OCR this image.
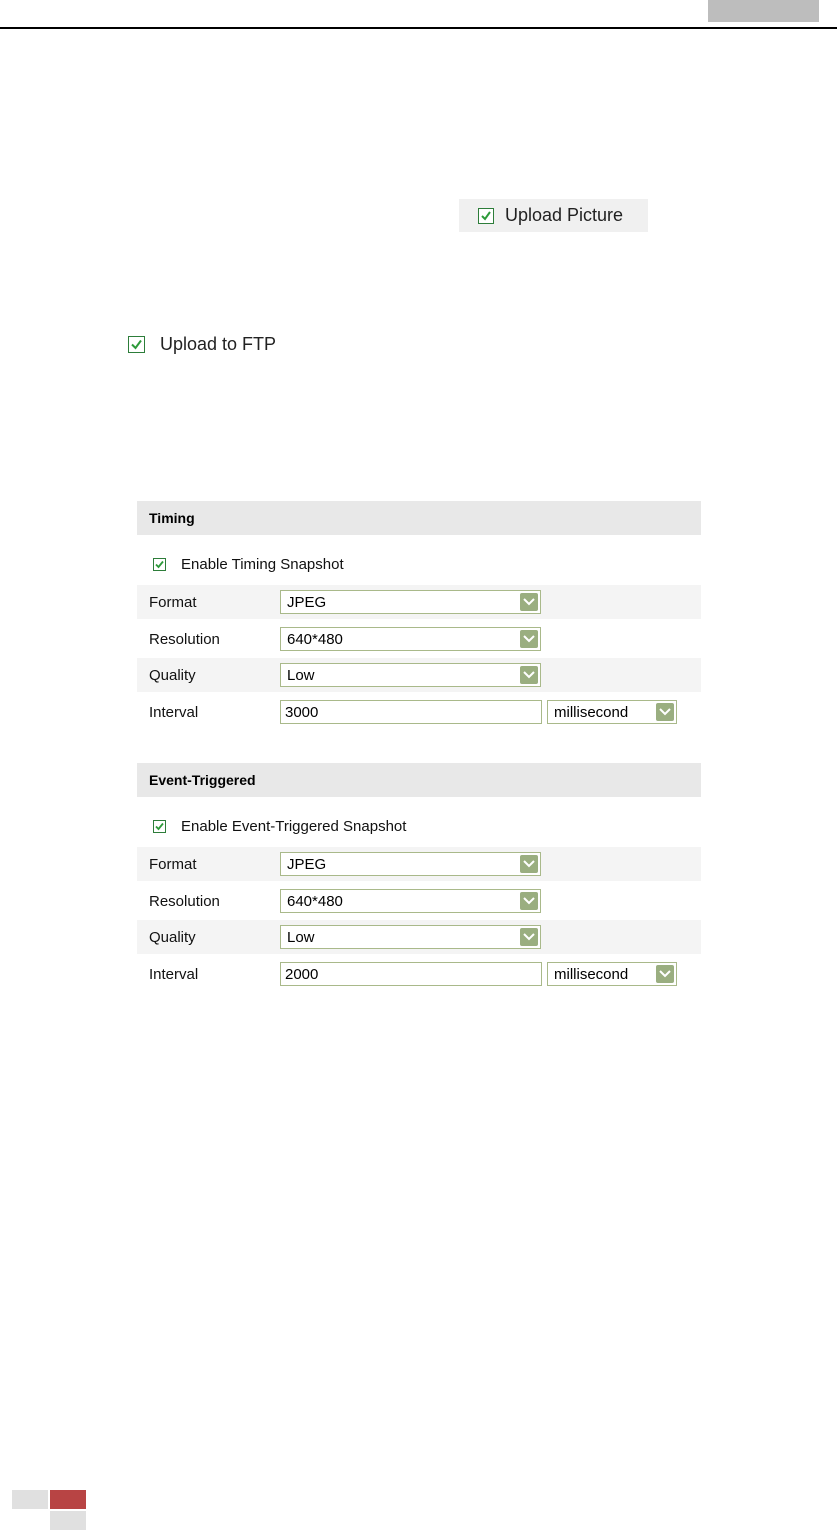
Upload Picture
Upload to FTP
Timing
Enable Timing Snapshot
Format	JPEG
Resolution	640*480
Quality	Low
Interval	3000	millisecond
Event-Triggered
Enable Event-Triggered Snapshot
Format	JPEG
Resolution	640*480
Quality	Low
Interval	2000	millisecond
